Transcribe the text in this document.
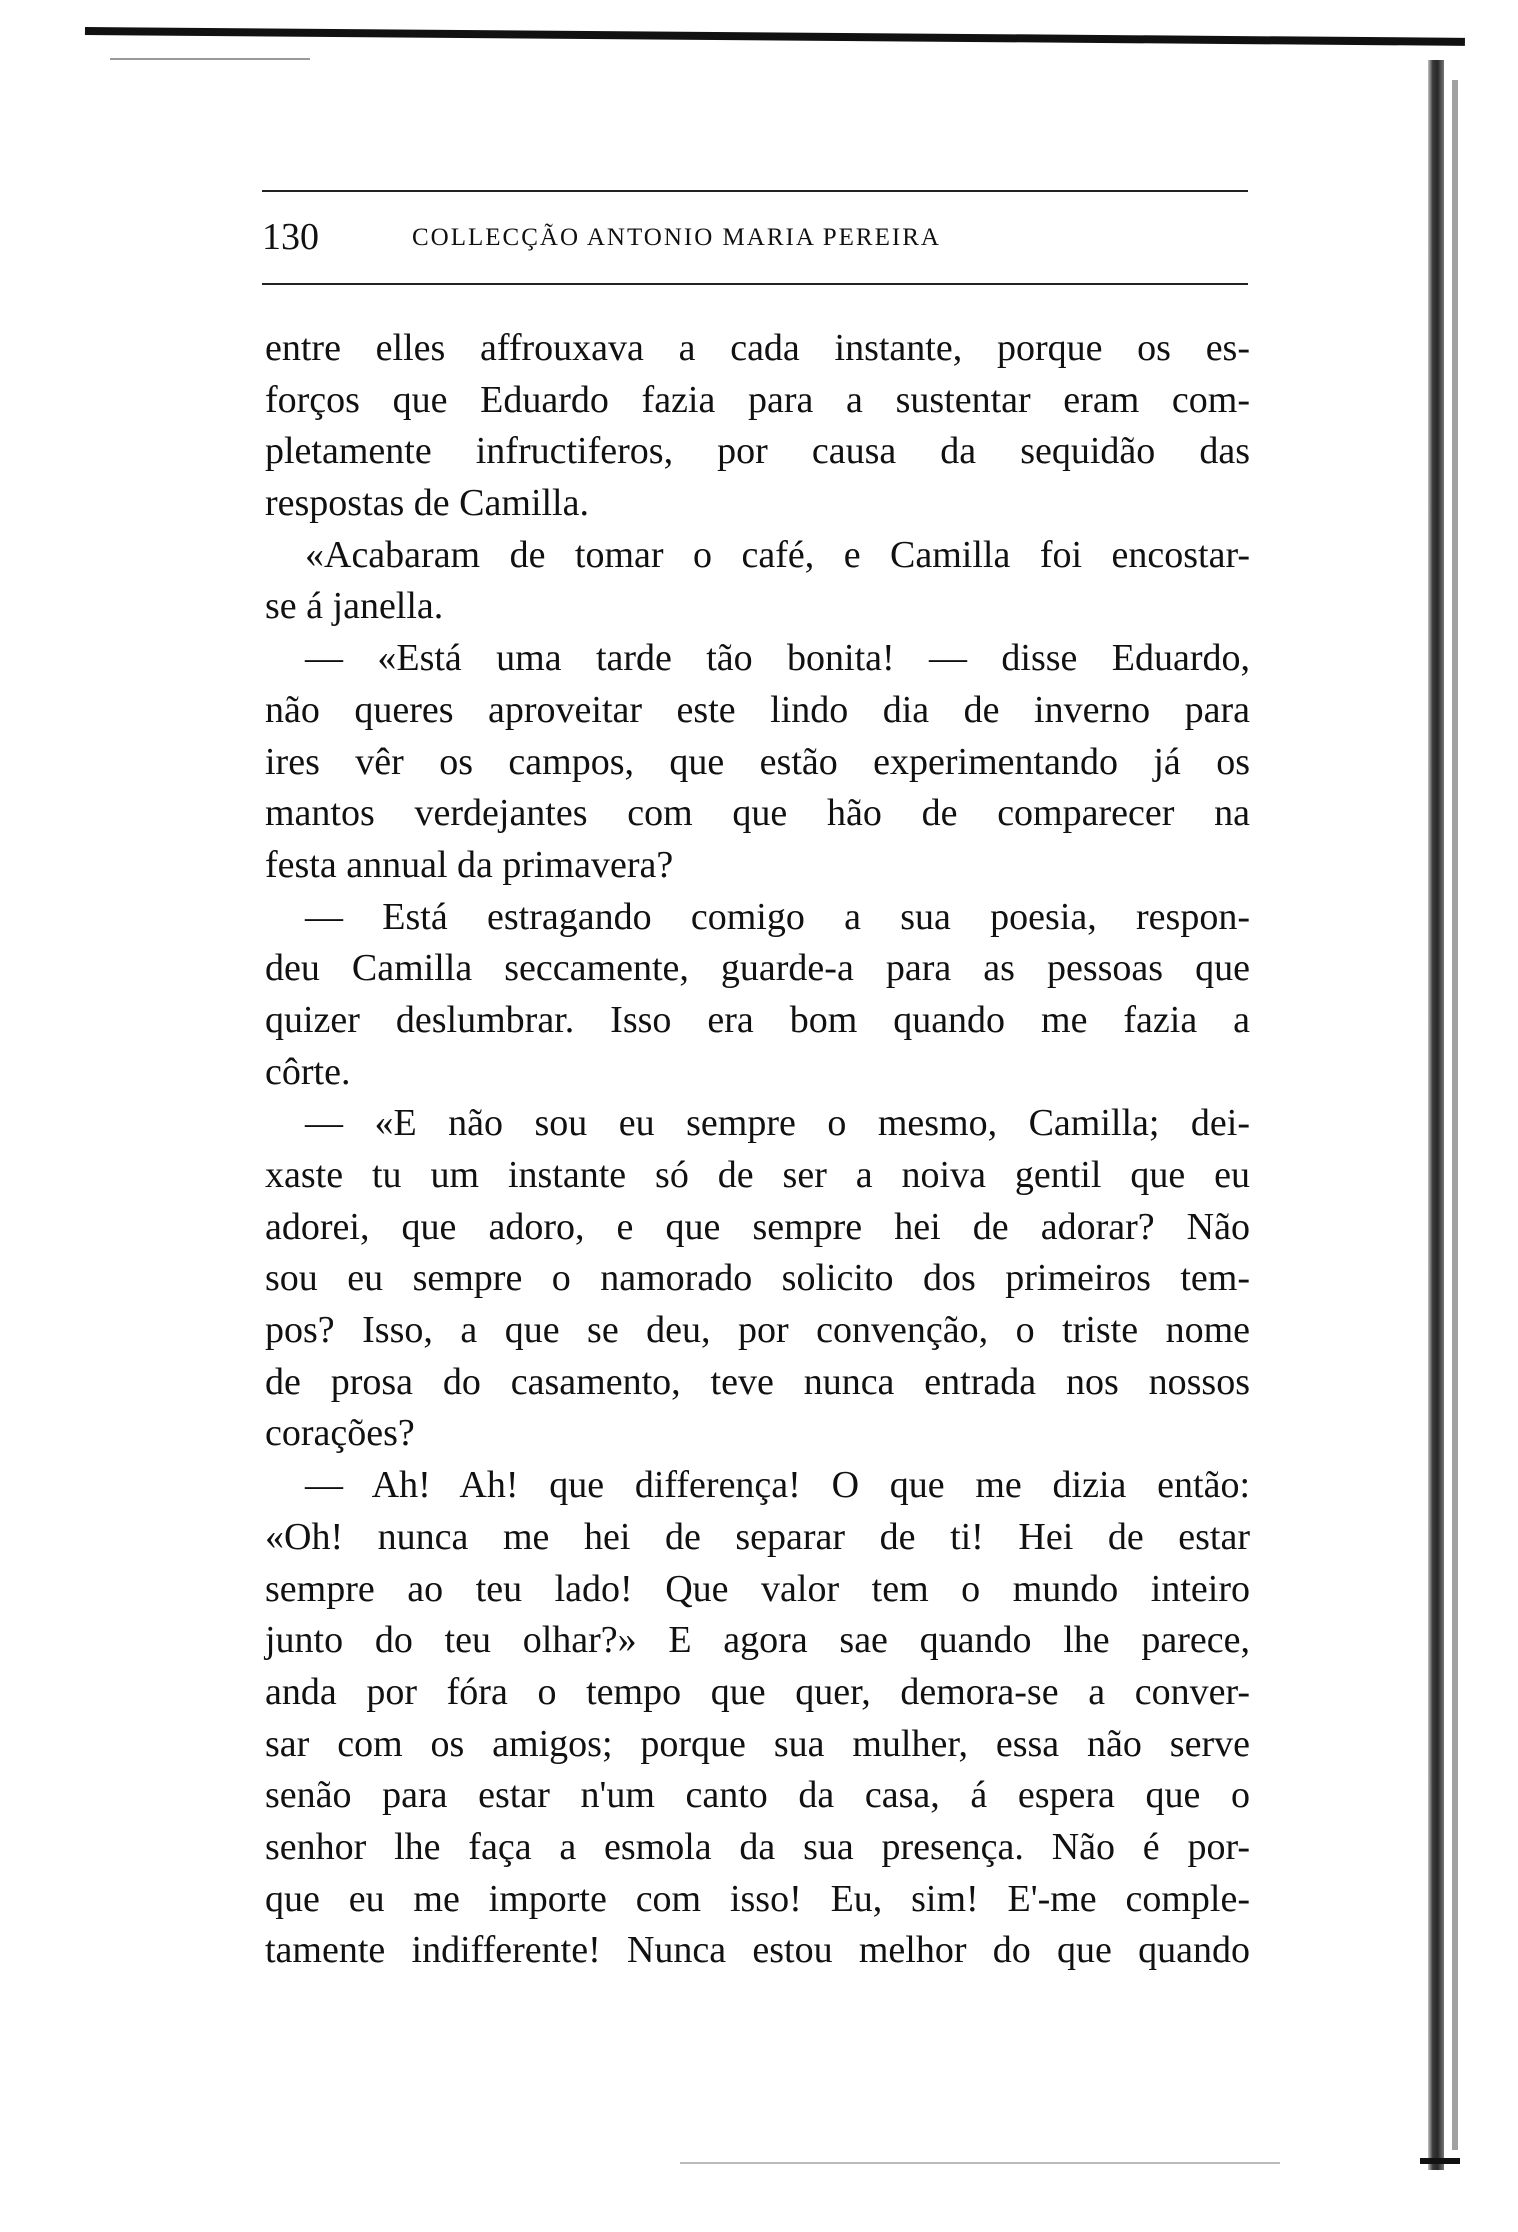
130	COLLECÇÃO ANTONIO MARIA PEREIRA
entre elles affrouxava a cada instante, porque os es-
forços que Eduardo fazia para a sustentar eram com-
pletamente infructiferos, por causa da sequidão das
respostas de Camilla.
«Acabaram de tomar o café, e Camilla foi encostar-
se á janella.
— «Está uma tarde tão bonita! — disse Eduardo,
não queres aproveitar este lindo dia de inverno para
ires vêr os campos, que estão experimentando já os
mantos verdejantes com que hão de comparecer na
festa annual da primavera?
— Está estragando comigo a sua poesia, respon-
deu Camilla seccamente, guarde-a para as pessoas que
quizer deslumbrar. Isso era bom quando me fazia a
côrte.
— «E não sou eu sempre o mesmo, Camilla; dei-
xaste tu um instante só de ser a noiva gentil que eu
adorei, que adoro, e que sempre hei de adorar? Não
sou eu sempre o namorado solicito dos primeiros tem-
pos? Isso, a que se deu, por convenção, o triste nome
de prosa do casamento, teve nunca entrada nos nossos
corações?
— Ah! Ah! que differença! O que me dizia então:
«Oh! nunca me hei de separar de ti! Hei de estar
sempre ao teu lado! Que valor tem o mundo inteiro
junto do teu olhar?» E agora sae quando lhe parece,
anda por fóra o tempo que quer, demora-se a conver-
sar com os amigos; porque sua mulher, essa não serve
senão para estar n'um canto da casa, á espera que o
senhor lhe faça a esmola da sua presença. Não é por-
que eu me importe com isso! Eu, sim! E'-me comple-
tamente indifferente! Nunca estou melhor do que quando
